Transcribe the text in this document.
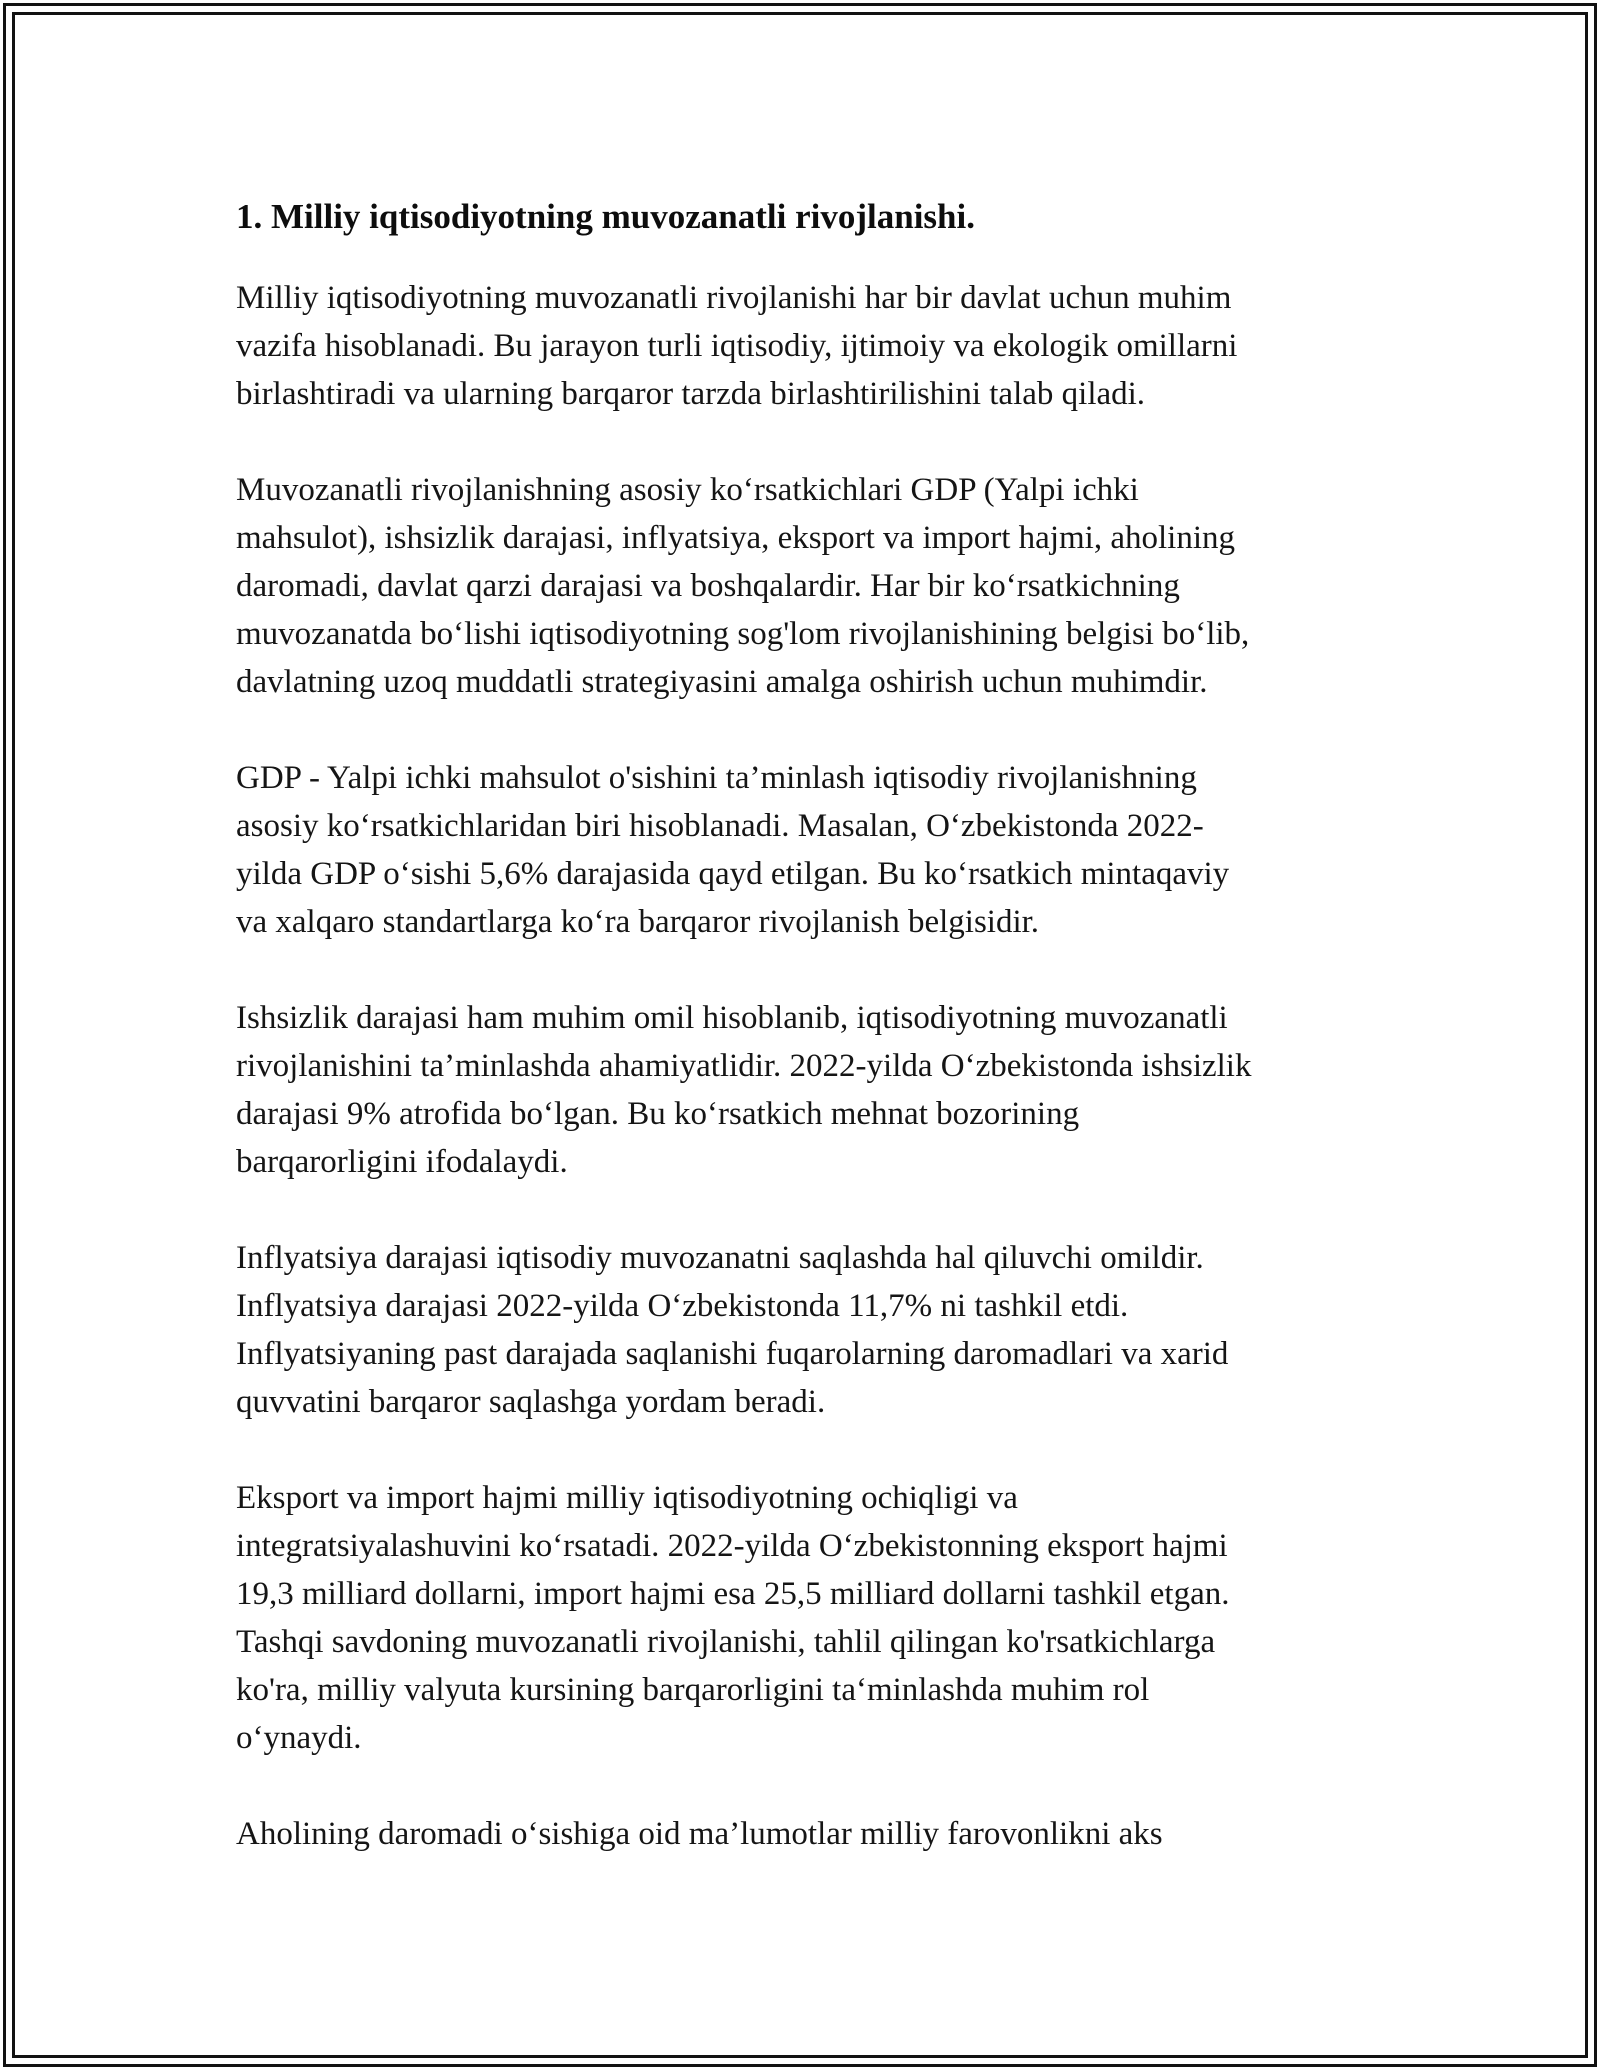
1. Milliy iqtisodiyotning muvozanatli rivojlanishi.

Milliy iqtisodiyotning muvozanatli rivojlanishi har bir davlat uchun muhim
vazifa hisoblanadi. Bu jarayon turli iqtisodiy, ijtimoiy va ekologik omillarni
birlashtiradi va ularning barqaror tarzda birlashtirilishini talab qiladi.

Muvozanatli rivojlanishning asosiy ko‘rsatkichlari GDP (Yalpi ichki
mahsulot), ishsizlik darajasi, inflyatsiya, eksport va import hajmi, aholining
daromadi, davlat qarzi darajasi va boshqalardir. Har bir ko‘rsatkichning
muvozanatda bo‘lishi iqtisodiyotning sog'lom rivojlanishining belgisi bo‘lib,
davlatning uzoq muddatli strategiyasini amalga oshirish uchun muhimdir.

GDP - Yalpi ichki mahsulot o'sishini ta’minlash iqtisodiy rivojlanishning
asosiy ko‘rsatkichlaridan biri hisoblanadi. Masalan, O‘zbekistonda 2022-
yilda GDP o‘sishi 5,6% darajasida qayd etilgan. Bu ko‘rsatkich mintaqaviy
va xalqaro standartlarga ko‘ra barqaror rivojlanish belgisidir.

Ishsizlik darajasi ham muhim omil hisoblanib, iqtisodiyotning muvozanatli
rivojlanishini ta’minlashda ahamiyatlidir. 2022-yilda O‘zbekistonda ishsizlik
darajasi 9% atrofida bo‘lgan. Bu ko‘rsatkich mehnat bozorining
barqarorligini ifodalaydi.

Inflyatsiya darajasi iqtisodiy muvozanatni saqlashda hal qiluvchi omildir.
Inflyatsiya darajasi 2022-yilda O‘zbekistonda 11,7% ni tashkil etdi.
Inflyatsiyaning past darajada saqlanishi fuqarolarning daromadlari va xarid
quvvatini barqaror saqlashga yordam beradi.

Eksport va import hajmi milliy iqtisodiyotning ochiqligi va
integratsiyalashuvini ko‘rsatadi. 2022-yilda O‘zbekistonning eksport hajmi
19,3 milliard dollarni, import hajmi esa 25,5 milliard dollarni tashkil etgan.
Tashqi savdoning muvozanatli rivojlanishi, tahlil qilingan ko'rsatkichlarga
ko'ra, milliy valyuta kursining barqarorligini ta‘minlashda muhim rol
o‘ynaydi.

Aholining daromadi o‘sishiga oid ma’lumotlar milliy farovonlikni aks
